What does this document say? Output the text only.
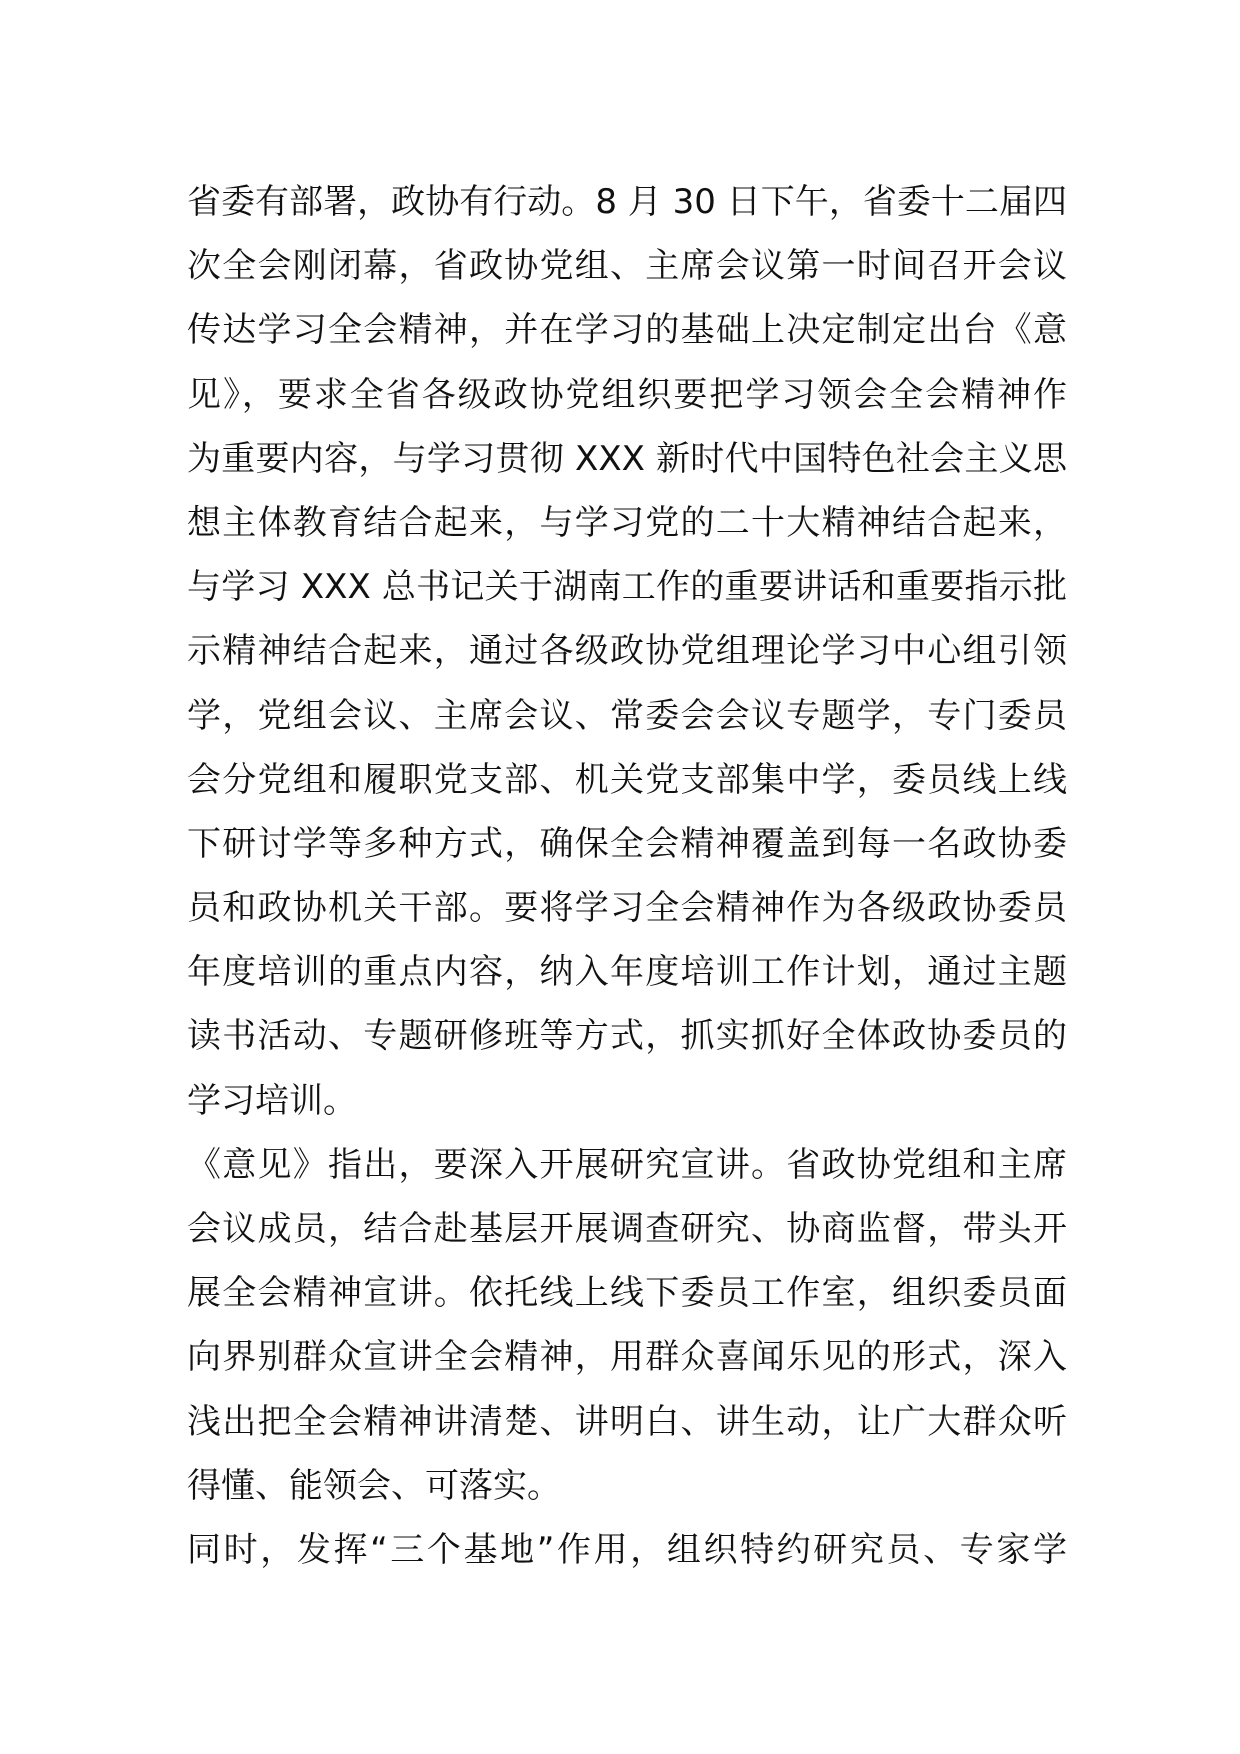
省委有部署，政协有行动。8 月 30 日下午，省委十二届四
次全会刚闭幕，省政协党组、主席会议第一时间召开会议
传达学习全会精神，并在学习的基础上决定制定出台《意
见》，要求全省各级政协党组织要把学习领会全会精神作
为重要内容，与学习贯彻 XXX 新时代中国特色社会主义思
想主体教育结合起来，与学习党的二十大精神结合起来，
与学习 XXX 总书记关于湖南工作的重要讲话和重要指示批
示精神结合起来，通过各级政协党组理论学习中心组引领
学，党组会议、主席会议、常委会会议专题学，专门委员
会分党组和履职党支部、机关党支部集中学，委员线上线
下研讨学等多种方式，确保全会精神覆盖到每一名政协委
员和政协机关干部。要将学习全会精神作为各级政协委员
年度培训的重点内容，纳入年度培训工作计划，通过主题
读书活动、专题研修班等方式，抓实抓好全体政协委员的
学习培训。
《意见》指出，要深入开展研究宣讲。省政协党组和主席
会议成员，结合赴基层开展调查研究、协商监督，带头开
展全会精神宣讲。依托线上线下委员工作室，组织委员面
向界别群众宣讲全会精神，用群众喜闻乐见的形式，深入
浅出把全会精神讲清楚、讲明白、讲生动，让广大群众听
得懂、能领会、可落实。
同时，发挥“三个基地”作用，组织特约研究员、专家学
